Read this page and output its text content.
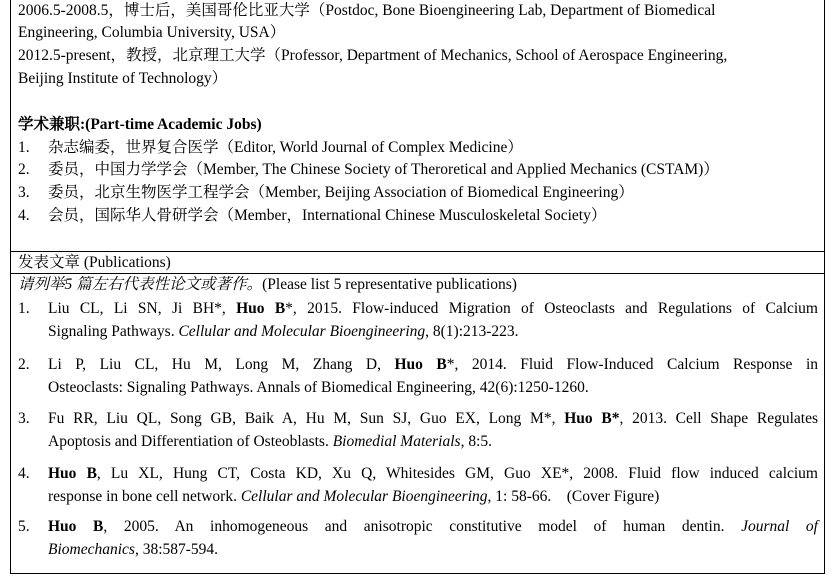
2006.5-2008.5，博士后，美国哥伦比亚大学（Postdoc, Bone Bioengineering Lab, Department of Biomedical
Engineering, Columbia University, USA）
2012.5-present，教授，北京理工大学（Professor, Department of Mechanics, School of Aerospace Engineering,
Beijing Institute of Technology）
学术兼职:(Part-time Academic Jobs)
1. 杂志编委，世界复合医学（Editor, World Journal of Complex Medicine）
2. 委员，中国力学学会（Member, The Chinese Society of Theroretical and Applied Mechanics (CSTAM)）
3. 委员，北京生物医学工程学会（Member, Beijing Association of Biomedical Engineering）
4. 会员，国际华人骨研学会（Member，International Chinese Musculoskeletal Society）
发表文章 (Publications)
请列举5 篇左右代表性论文或著作。(Please list 5 representative publications)
1. Liu CL, Li SN, Ji BH*, Huo B*, 2015. Flow-induced Migration of Osteoclasts and Regulations of Calcium
Signaling Pathways. Cellular and Molecular Bioengineering, 8(1):213-223.
2. Li P, Liu CL, Hu M, Long M, Zhang D, Huo B*, 2014. Fluid Flow-Induced Calcium Response in
Osteoclasts: Signaling Pathways. Annals of Biomedical Engineering, 42(6):1250-1260.
3. Fu RR, Liu QL, Song GB, Baik A, Hu M, Sun SJ, Guo EX, Long M*, Huo B*, 2013. Cell Shape Regulates
Apoptosis and Differentiation of Osteoblasts. Biomedial Materials, 8:5.
4. Huo B, Lu XL, Hung CT, Costa KD, Xu Q, Whitesides GM, Guo XE*, 2008. Fluid flow induced calcium
response in bone cell network. Cellular and Molecular Bioengineering, 1: 58-66.    (Cover Figure)
5. Huo B, 2005. An inhomogeneous and anisotropic constitutive model of human dentin. Journal of
Biomechanics, 38:587-594.
